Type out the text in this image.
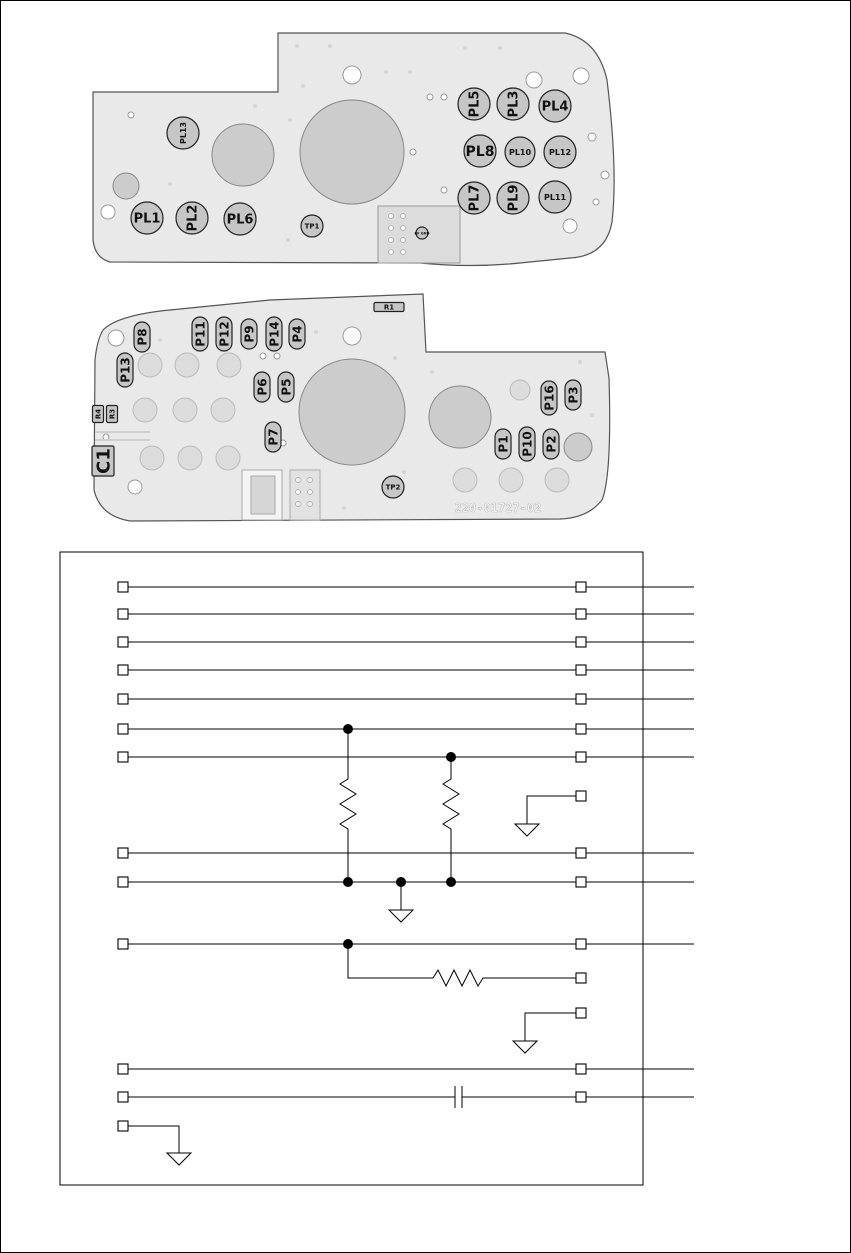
PL5 PL3 PL4
PL8 PL10 PL12
PL7 PL9	PL11
PL13
PL1 PL2 PL6	TP1
RF GND
R1
P8	P11 P12 P9 P14 P4
P13
P6 P5
R4 R3
C1
P7
P16 P3
P1 P10 P2
TP2
220-01727-02
